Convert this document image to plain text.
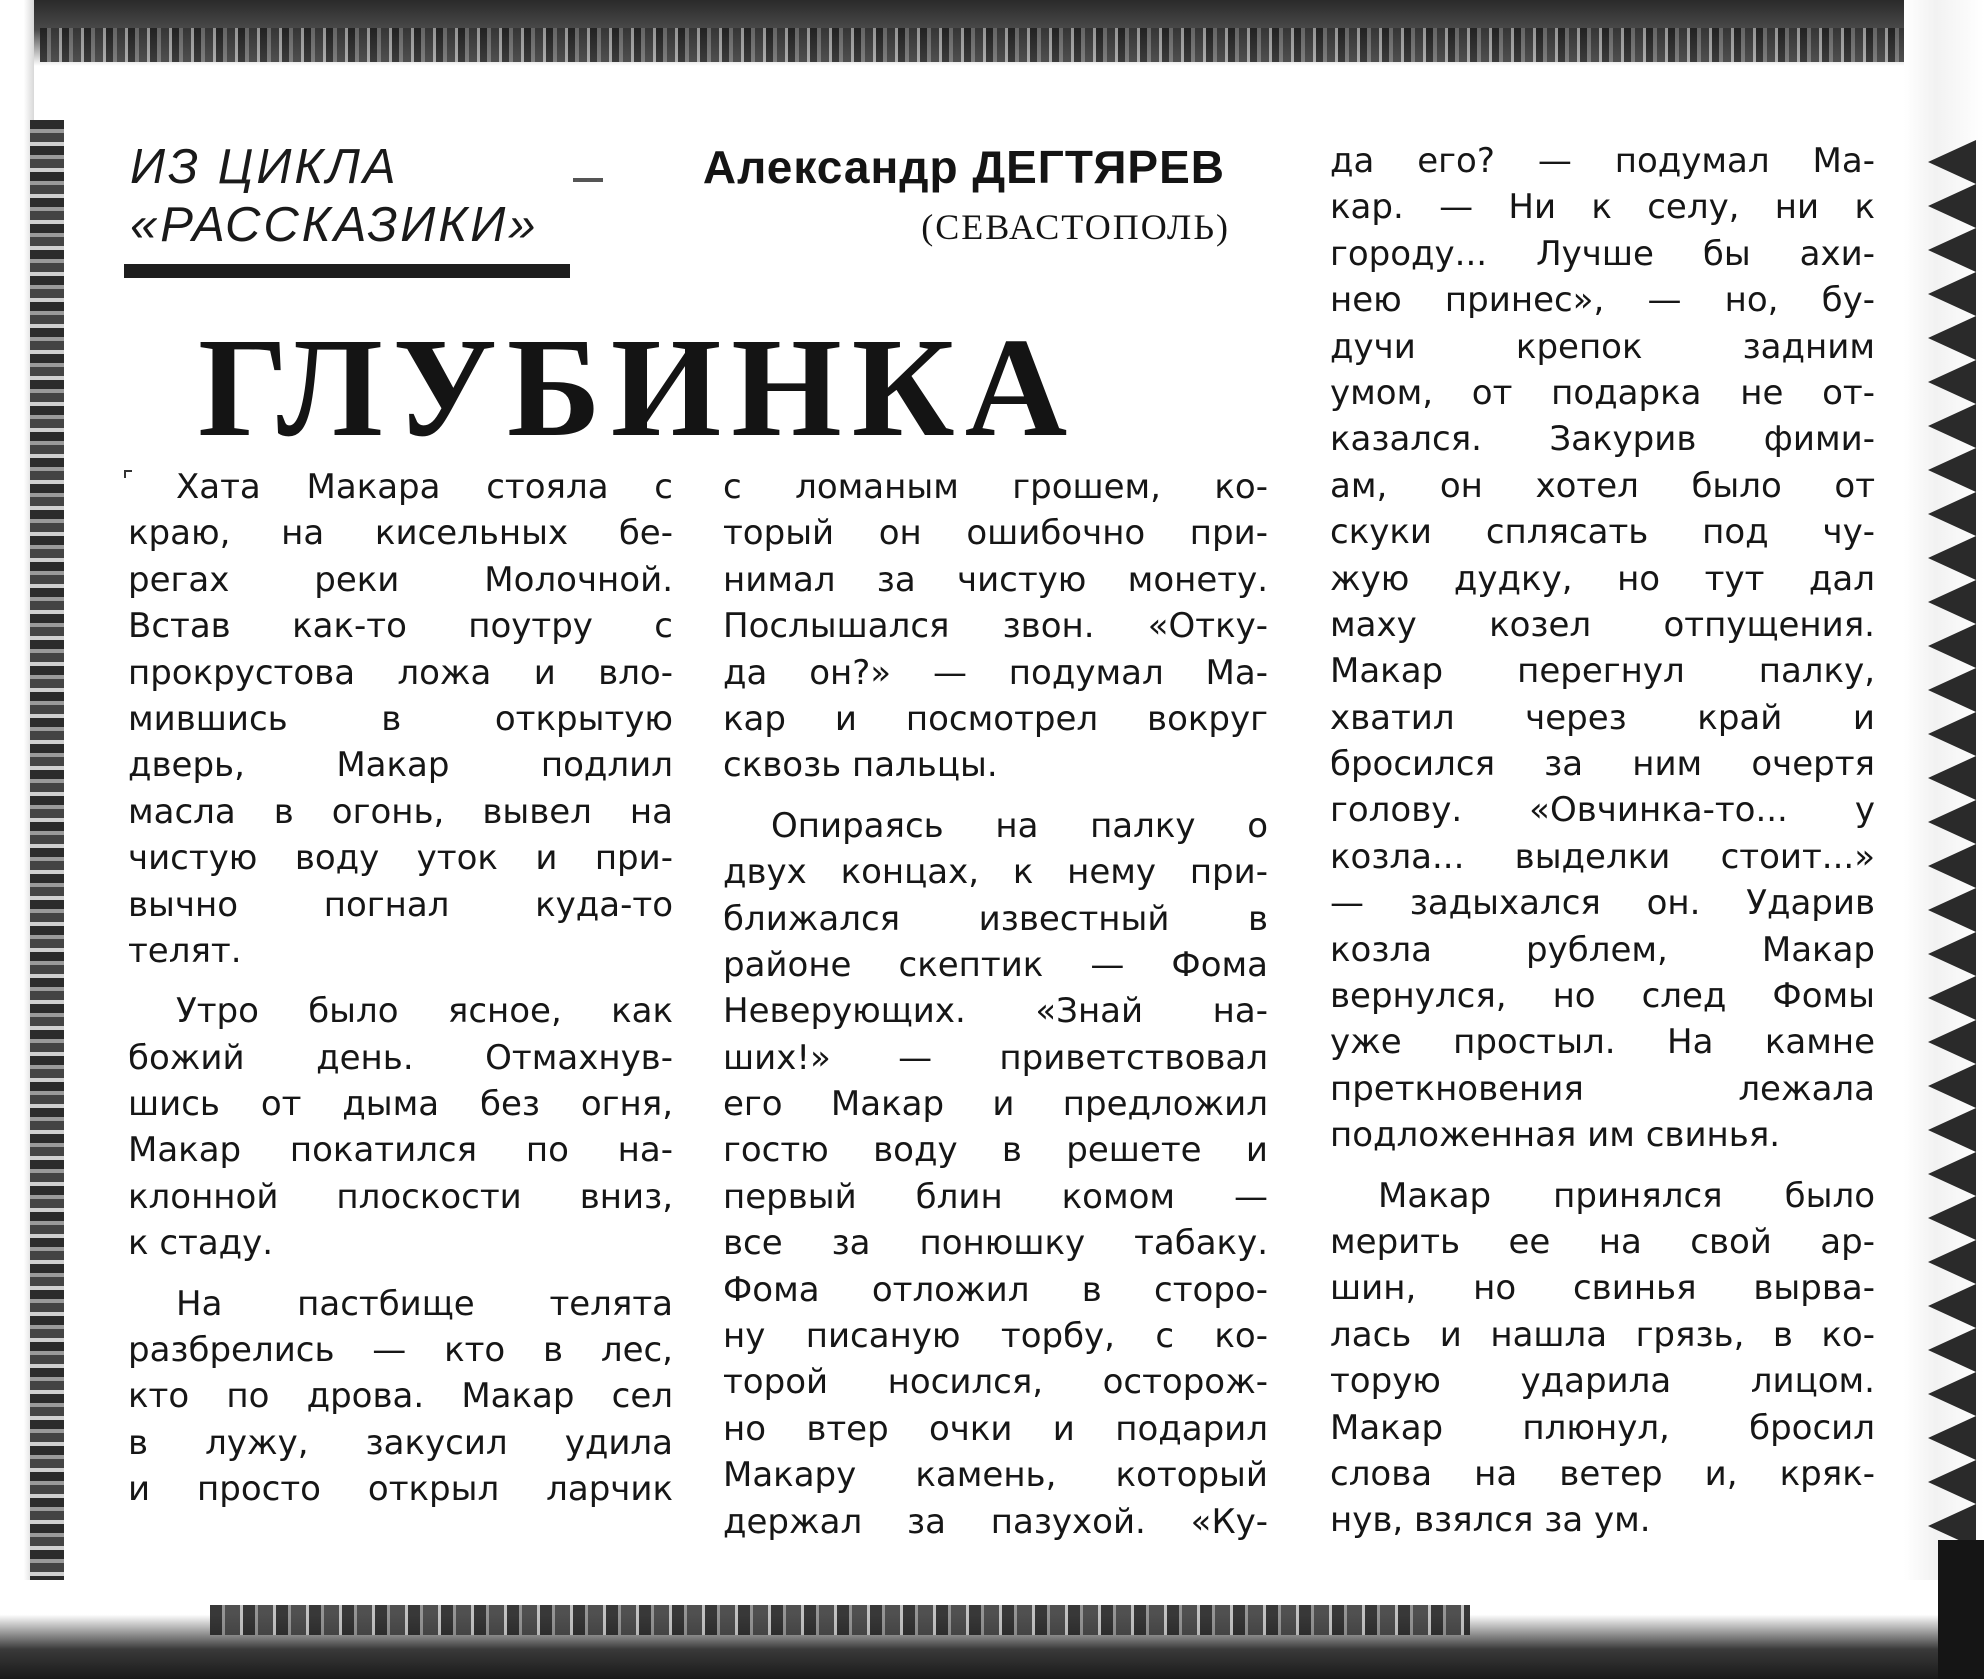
ИЗ ЦИКЛА
«РАССКАЗИКИ»
Александр ДЕГТЯРЕВ
(СЕВАСТОПОЛЬ)
ГЛУБИНКА
Хата Макара стояла с
краю, на кисельных бе-
регах реки Молочной.
Встав как-то поутру с
прокрустова ложа и вло-
мившись в открытую
дверь, Макар подлил
масла в огонь, вывел на
чистую воду уток и при-
вычно погнал куда-то
телят.
Утро было ясное, как
божий день. Отмахнув-
шись от дыма без огня,
Макар покатился по на-
клонной плоскости вниз,
к стаду.
На пастбище телята
разбрелись — кто в лес,
кто по дрова. Макар сел
в лужу, закусил удила
и просто открыл ларчик
с ломаным грошем, ко-
торый он ошибочно при-
нимал за чистую монету.
Послышался звон. «Отку-
да он?» — подумал Ма-
кар и посмотрел вокруг
сквозь пальцы.
Опираясь на палку о
двух концах, к нему при-
ближался известный в
районе скептик — Фома
Неверующих. «Знай на-
ших!» — приветствовал
его Макар и предложил
гостю воду в решете и
первый блин комом —
все за понюшку табаку.
Фома отложил в сторо-
ну писаную торбу, с ко-
торой носился, осторож-
но втер очки и подарил
Макару камень, который
держал за пазухой. «Ку-
да его? — подумал Ма-
кар. — Ни к селу, ни к
городу... Лучше бы ахи-
нею принес», — но, бу-
дучи крепок задним
умом, от подарка не от-
казался. Закурив фими-
ам, он хотел было от
скуки сплясать под чу-
жую дудку, но тут дал
маху козел отпущения.
Макар перегнул палку,
хватил через край и
бросился за ним очертя
голову. «Овчинка-то... у
козла... выделки стоит...»
— задыхался он. Ударив
козла рублем, Макар
вернулся, но след Фомы
уже простыл. На камне
преткновения лежала
подложенная им свинья.
Макар принялся было
мерить ее на свой ар-
шин, но свинья вырва-
лась и нашла грязь, в ко-
торую ударила лицом.
Макар плюнул, бросил
слова на ветер и, кряк-
нув, взялся за ум.
